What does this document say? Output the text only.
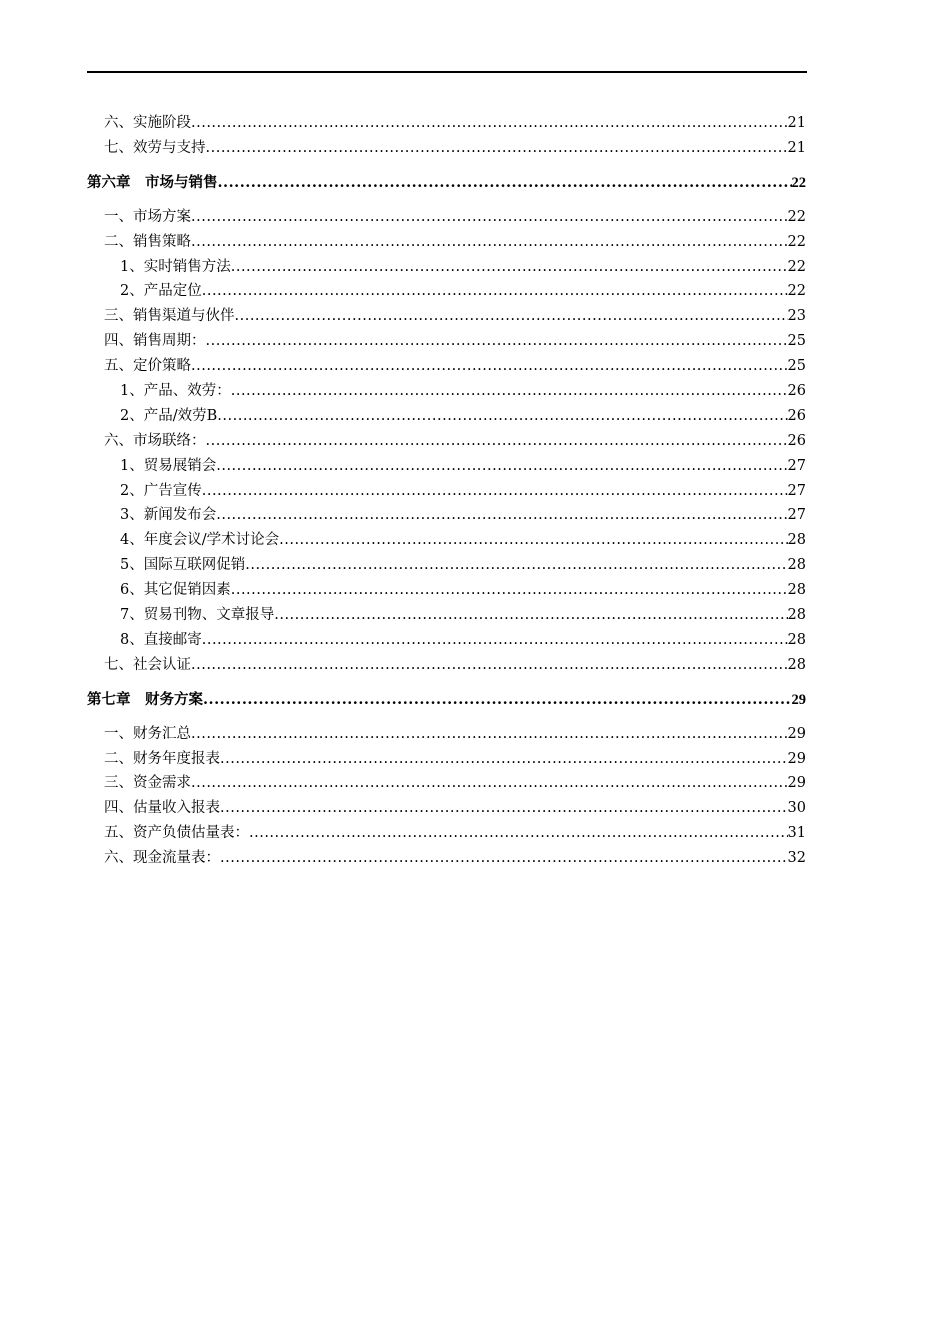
六、实施阶段 .....	21
七、效劳与支持 .....	21
第六章　市场与销售 .....	22
一、市场方案 .....	22
二、销售策略 .....	22
1、实时销售方法 .....	22
2、产品定位 .....	22
三、销售渠道与伙伴 .....	23
四、销售周期： .....	25
五、定价策略 .....	25
1、产品、效劳： .....	26
2、产品/效劳B .....	26
六、市场联络： .....	26
1、贸易展销会 .....	27
2、广告宣传 .....	27
3、新闻发布会 .....	27
4、年度会议/学术讨论会 .....	28
5、国际互联网促销 .....	28
6、其它促销因素 .....	28
7、贸易刊物、文章报导 .....	28
8、直接邮寄 .....	28
七、社会认证 .....	28
第七章　财务方案 .....	29
一、财务汇总 .....	29
二、财务年度报表 .....	29
三、资金需求 .....	29
四、估量收入报表 .....	30
五、资产负债估量表： .....	31
六、现金流量表： .....	32
